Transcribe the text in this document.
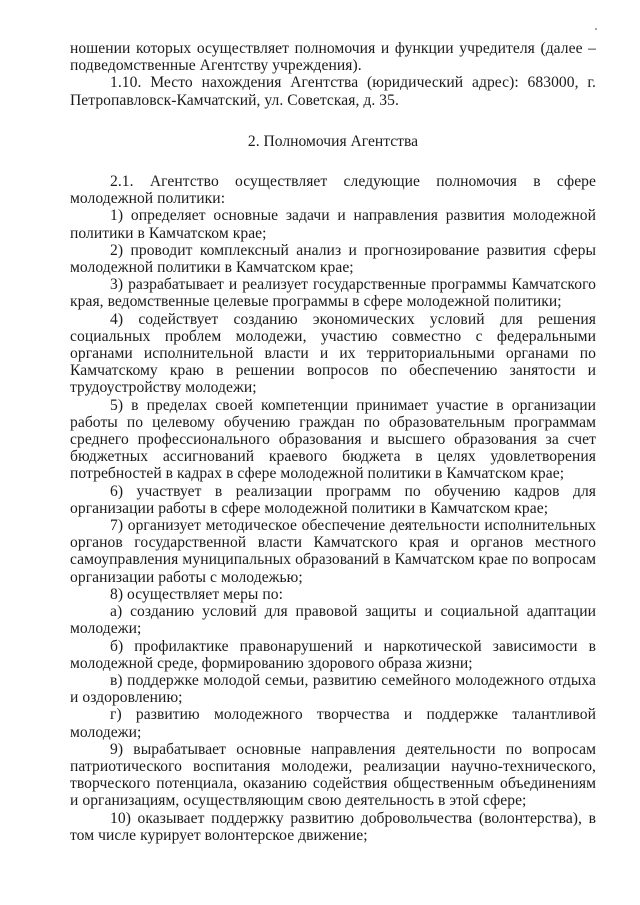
ношении которых осуществляет полномочия и функции учредителя (далее – подведомственные Агентству учреждения).

1.10. Место нахождения Агентства (юридический адрес): 683000, г. Петропавловск-Камчатский, ул. Советская, д. 35.

2. Полномочия Агентства

2.1. Агентство осуществляет следующие полномочия в сфере молодежной политики:

1) определяет основные задачи и направления развития молодежной политики в Камчатском крае;

2) проводит комплексный анализ и прогнозирование развития сферы молодежной политики в Камчатском крае;

3) разрабатывает и реализует государственные программы Камчатского края, ведомственные целевые программы в сфере молодежной политики;

4) содействует созданию экономических условий для решения социальных проблем молодежи, участию совместно с федеральными органами исполнительной власти и их территориальными органами по Камчатскому краю в решении вопросов по обеспечению занятости и трудоустройству молодежи;

5) в пределах своей компетенции принимает участие в организации работы по целевому обучению граждан по образовательным программам среднего профессионального образования и высшего образования за счет бюджетных ассигнований краевого бюджета в целях удовлетворения потребностей в кадрах в сфере молодежной политики в Камчатском крае;

6) участвует в реализации программ по обучению кадров для организации работы в сфере молодежной политики в Камчатском крае;

7) организует методическое обеспечение деятельности исполнительных органов государственной власти Камчатского края и органов местного самоуправления муниципальных образований в Камчатском крае по вопросам организации работы с молодежью;

8) осуществляет меры по:

а) созданию условий для правовой защиты и социальной адаптации молодежи;

б) профилактике правонарушений и наркотической зависимости в молодежной среде, формированию здорового образа жизни;

в) поддержке молодой семьи, развитию семейного молодежного отдыха и оздоровлению;

г) развитию молодежного творчества и поддержке талантливой молодежи;

9) вырабатывает основные направления деятельности по вопросам патриотического воспитания молодежи, реализации научно-технического, творческого потенциала, оказанию содействия общественным объединениям и организациям, осуществляющим свою деятельность в этой сфере;

10) оказывает поддержку развитию добровольчества (волонтерства), в том числе курирует волонтерское движение;
